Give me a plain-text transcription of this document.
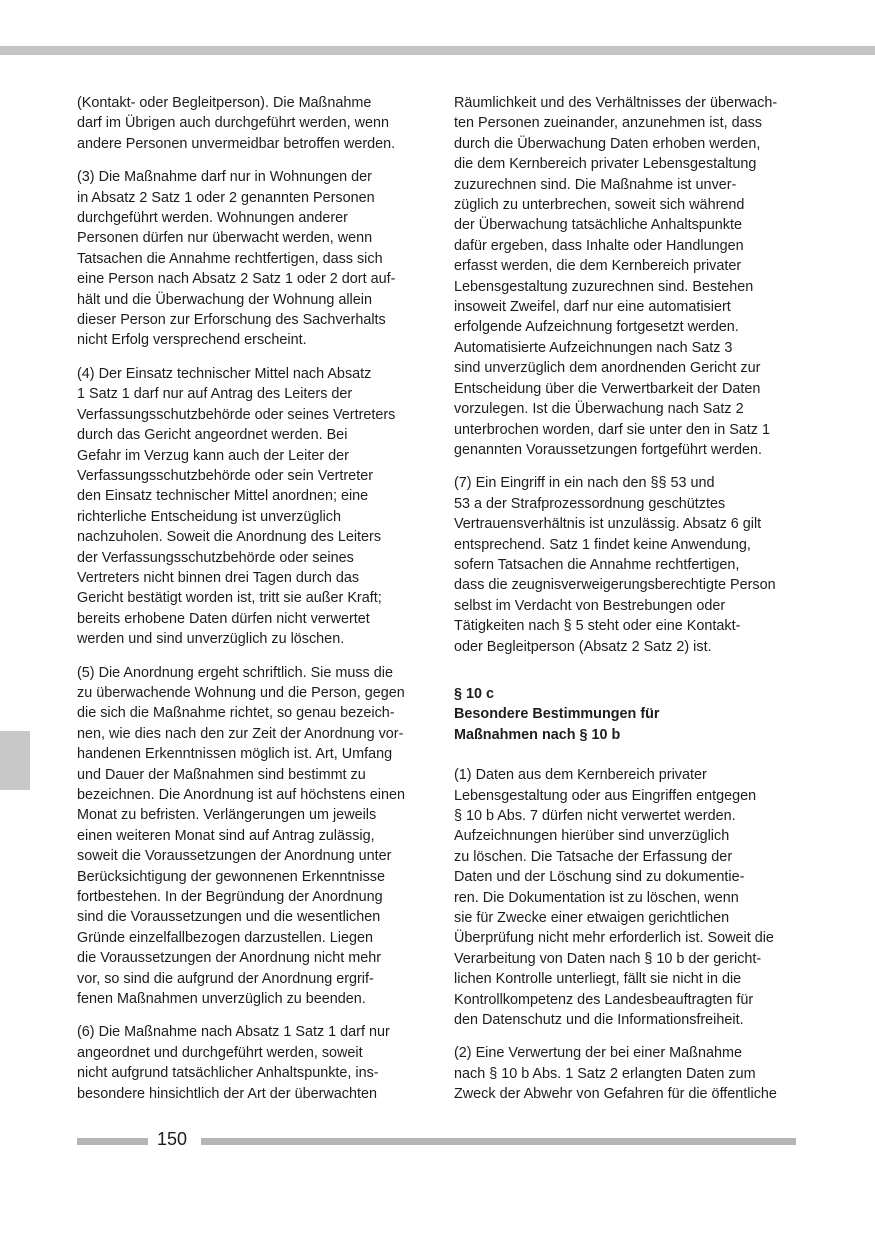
(Kontakt- oder Begleitperson). Die Maßnahme
darf im Übrigen auch durchgeführt werden, wenn
andere Personen unvermeidbar betroffen werden.

(3) Die Maßnahme darf nur in Wohnungen der
in Absatz 2 Satz 1 oder 2 genannten Personen
durchgeführt werden. Wohnungen anderer
Personen dürfen nur überwacht werden, wenn
Tatsachen die Annahme rechtfertigen, dass sich
eine Person nach Absatz 2 Satz 1 oder 2 dort auf-
hält und die Überwachung der Wohnung allein
dieser Person zur Erforschung des Sachverhalts
nicht Erfolg versprechend erscheint.

(4) Der Einsatz technischer Mittel nach Absatz
1 Satz 1 darf nur auf Antrag des Leiters der
Verfassungsschutzbehörde oder seines Vertreters
durch das Gericht angeordnet werden. Bei
Gefahr im Verzug kann auch der Leiter der
Verfassungsschutzbehörde oder sein Vertreter
den Einsatz technischer Mittel anordnen; eine
richterliche Entscheidung ist unverzüglich
nachzuholen. Soweit die Anordnung des Leiters
der Verfassungsschutzbehörde oder seines
Vertreters nicht binnen drei Tagen durch das
Gericht bestätigt worden ist, tritt sie außer Kraft;
bereits erhobene Daten dürfen nicht verwertet
werden und sind unverzüglich zu löschen.

(5) Die Anordnung ergeht schriftlich. Sie muss die
zu überwachende Wohnung und die Person, gegen
die sich die Maßnahme richtet, so genau bezeich-
nen, wie dies nach den zur Zeit der Anordnung vor-
handenen Erkenntnissen möglich ist. Art, Umfang
und Dauer der Maßnahmen sind bestimmt zu
bezeichnen. Die Anordnung ist auf höchstens einen
Monat zu befristen. Verlängerungen um jeweils
einen weiteren Monat sind auf Antrag zulässig,
soweit die Voraussetzungen der Anordnung unter
Berücksichtigung der gewonnenen Erkenntnisse
fortbestehen. In der Begründung der Anordnung
sind die Voraussetzungen und die wesentlichen
Gründe einzelfallbezogen darzustellen. Liegen
die Voraussetzungen der Anordnung nicht mehr
vor, so sind die aufgrund der Anordnung ergrif-
fenen Maßnahmen unverzüglich zu beenden.

(6) Die Maßnahme nach Absatz 1 Satz 1 darf nur
angeordnet und durchgeführt werden, soweit
nicht aufgrund tatsächlicher Anhaltspunkte, ins-
besondere hinsichtlich der Art der überwachten

Räumlichkeit und des Verhältnisses der überwach-
ten Personen zueinander, anzunehmen ist, dass
durch die Überwachung Daten erhoben werden,
die dem Kernbereich privater Lebensgestaltung
zuzurechnen sind. Die Maßnahme ist unver-
züglich zu unterbrechen, soweit sich während
der Überwachung tatsächliche Anhaltspunkte
dafür ergeben, dass Inhalte oder Handlungen
erfasst werden, die dem Kernbereich privater
Lebensgestaltung zuzurechnen sind. Bestehen
insoweit Zweifel, darf nur eine automatisiert
erfolgende Aufzeichnung fortgesetzt werden.
Automatisierte Aufzeichnungen nach Satz 3
sind unverzüglich dem anordnenden Gericht zur
Entscheidung über die Verwertbarkeit der Daten
vorzulegen. Ist die Überwachung nach Satz 2
unterbrochen worden, darf sie unter den in Satz 1
genannten Voraussetzungen fortgeführt werden.

(7) Ein Eingriff in ein nach den §§ 53 und
53 a der Strafprozessordnung geschütztes
Vertrauensverhältnis ist unzulässig. Absatz 6 gilt
entsprechend. Satz 1 findet keine Anwendung,
sofern Tatsachen die Annahme rechtfertigen,
dass die zeugnisverweigerungsberechtigte Person
selbst im Verdacht von Bestrebungen oder
Tätigkeiten nach § 5 steht oder eine Kontakt-
oder Begleitperson (Absatz 2 Satz 2) ist.

§ 10 c
Besondere Bestimmungen für
Maßnahmen nach § 10 b

(1) Daten aus dem Kernbereich privater
Lebensgestaltung oder aus Eingriffen entgegen
§ 10 b Abs. 7 dürfen nicht verwertet werden.
Aufzeichnungen hierüber sind unverzüglich
zu löschen. Die Tatsache der Erfassung der
Daten und der Löschung sind zu dokumentie-
ren. Die Dokumentation ist zu löschen, wenn
sie für Zwecke einer etwaigen gerichtlichen
Überprüfung nicht mehr erforderlich ist. Soweit die
Verarbeitung von Daten nach § 10 b der gericht-
lichen Kontrolle unterliegt, fällt sie nicht in die
Kontrollkompetenz des Landesbeauftragten für
den Datenschutz und die Informationsfreiheit.

(2) Eine Verwertung der bei einer Maßnahme
nach § 10 b Abs. 1 Satz 2 erlangten Daten zum
Zweck der Abwehr von Gefahren für die öffentliche

150
